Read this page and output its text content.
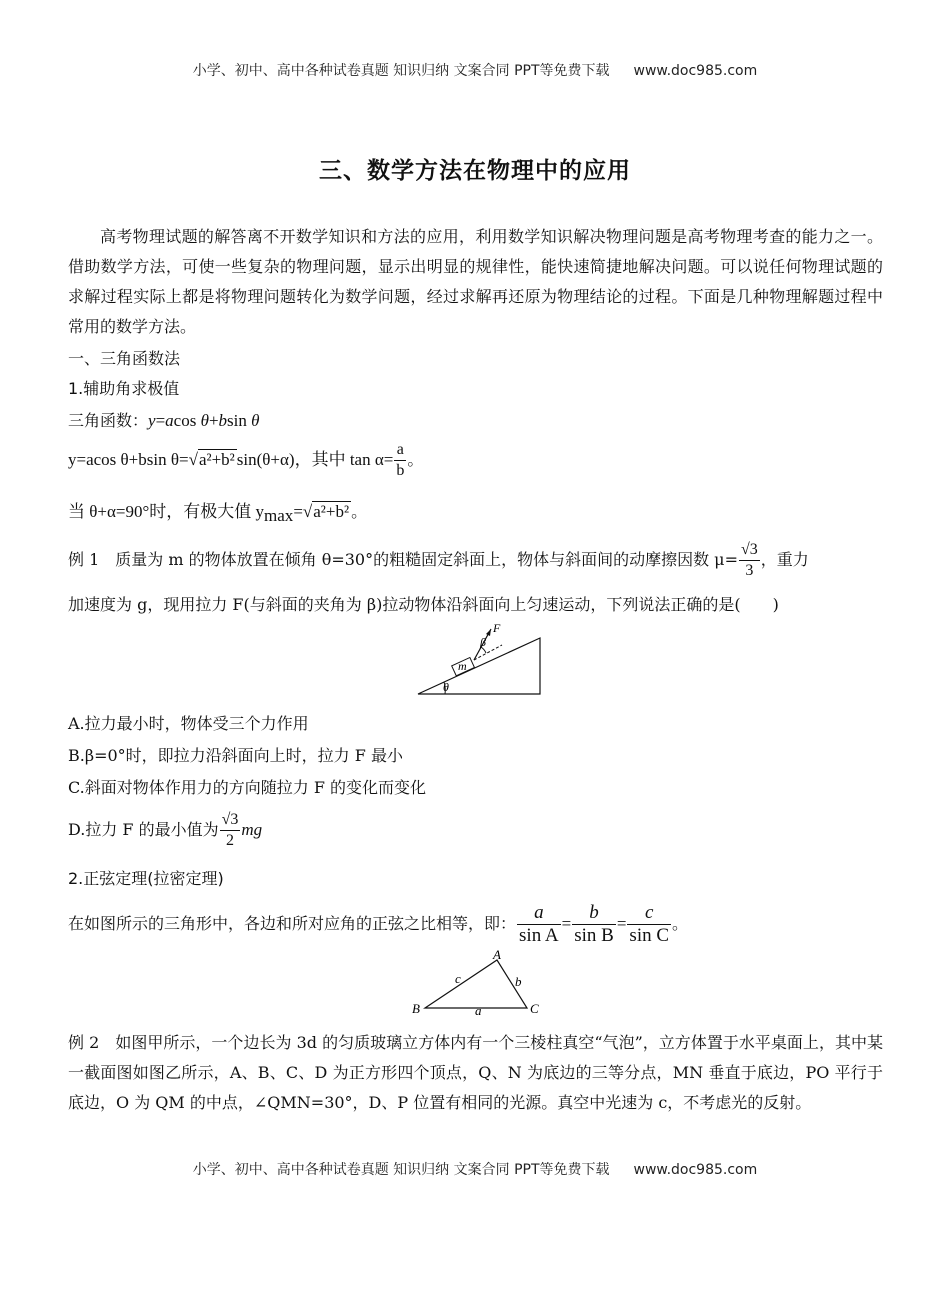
小学、初中、高中各种试卷真题 知识归纳 文案合同 PPT等免费下载 www.doc985.com
三、数学方法在物理中的应用
高考物理试题的解答离不开数学知识和方法的应用，利用数学知识解决物理问题是高考物理考查的能力之一。借助数学方法，可使一些复杂的物理问题，显示出明显的规律性，能快速简捷地解决问题。可以说任何物理试题的求解过程实际上都是将物理问题转化为数学问题，经过求解再还原为物理结论的过程。下面是几种物理解题过程中常用的数学方法。
一、三角函数法
1.辅助角求极值
三角函数：y=acos θ+bsin θ
y=acos θ+bsin θ=√a²+b² sin(θ+α)，其中 $\tan \alpha= \frac{a}{b}$ 。
当 θ+α=90°时，有极大值 $y_{max}=√a^2+b^2$ 。
例 1　质量为 m 的物体放置在倾角 θ=30°的粗糙固定斜面上，物体与斜面间的动摩擦因数 $\mu= \frac{√3}{3}$ ，重力
加速度为 g，现用拉力 F(与斜面的夹角为 β)拉动物体沿斜面向上匀速运动，下列说法正确的是(　　)
θ
m
β
F
A.拉力最小时，物体受三个力作用
B.β=0°时，即拉力沿斜面向上时，拉力 F 最小
C.斜面对物体作用力的方向随拉力 F 的变化而变化
D.拉力 F 的最小值为 $\frac{√3}{2}$ mg
2.正弦定理(拉密定理)
在如图所示的三角形中，各边和所对应角的正弦之比相等，即： $\frac{a}{\text{sin A}} = \frac{b}{\text{sin B}} = \frac{c}{\text{sin C}}$ 。
A
B	C
a
b
c
例 2　如图甲所示，一个边长为 3d 的匀质玻璃立方体内有一个三棱柱真空“气泡”，立方体置于水平桌面上，其中某一截面图如图乙所示，A、B、C、D 为正方形四个顶点，Q、N 为底边的三等分点，MN 垂直于底边，PO 平行于底边，O 为 QM 的中点，∠QMN=30°，D、P 位置有相同的光源。真空中光速为 c，不考虑光的反射。
小学、初中、高中各种试卷真题 知识归纳 文案合同 PPT等免费下载 www.doc985.com
